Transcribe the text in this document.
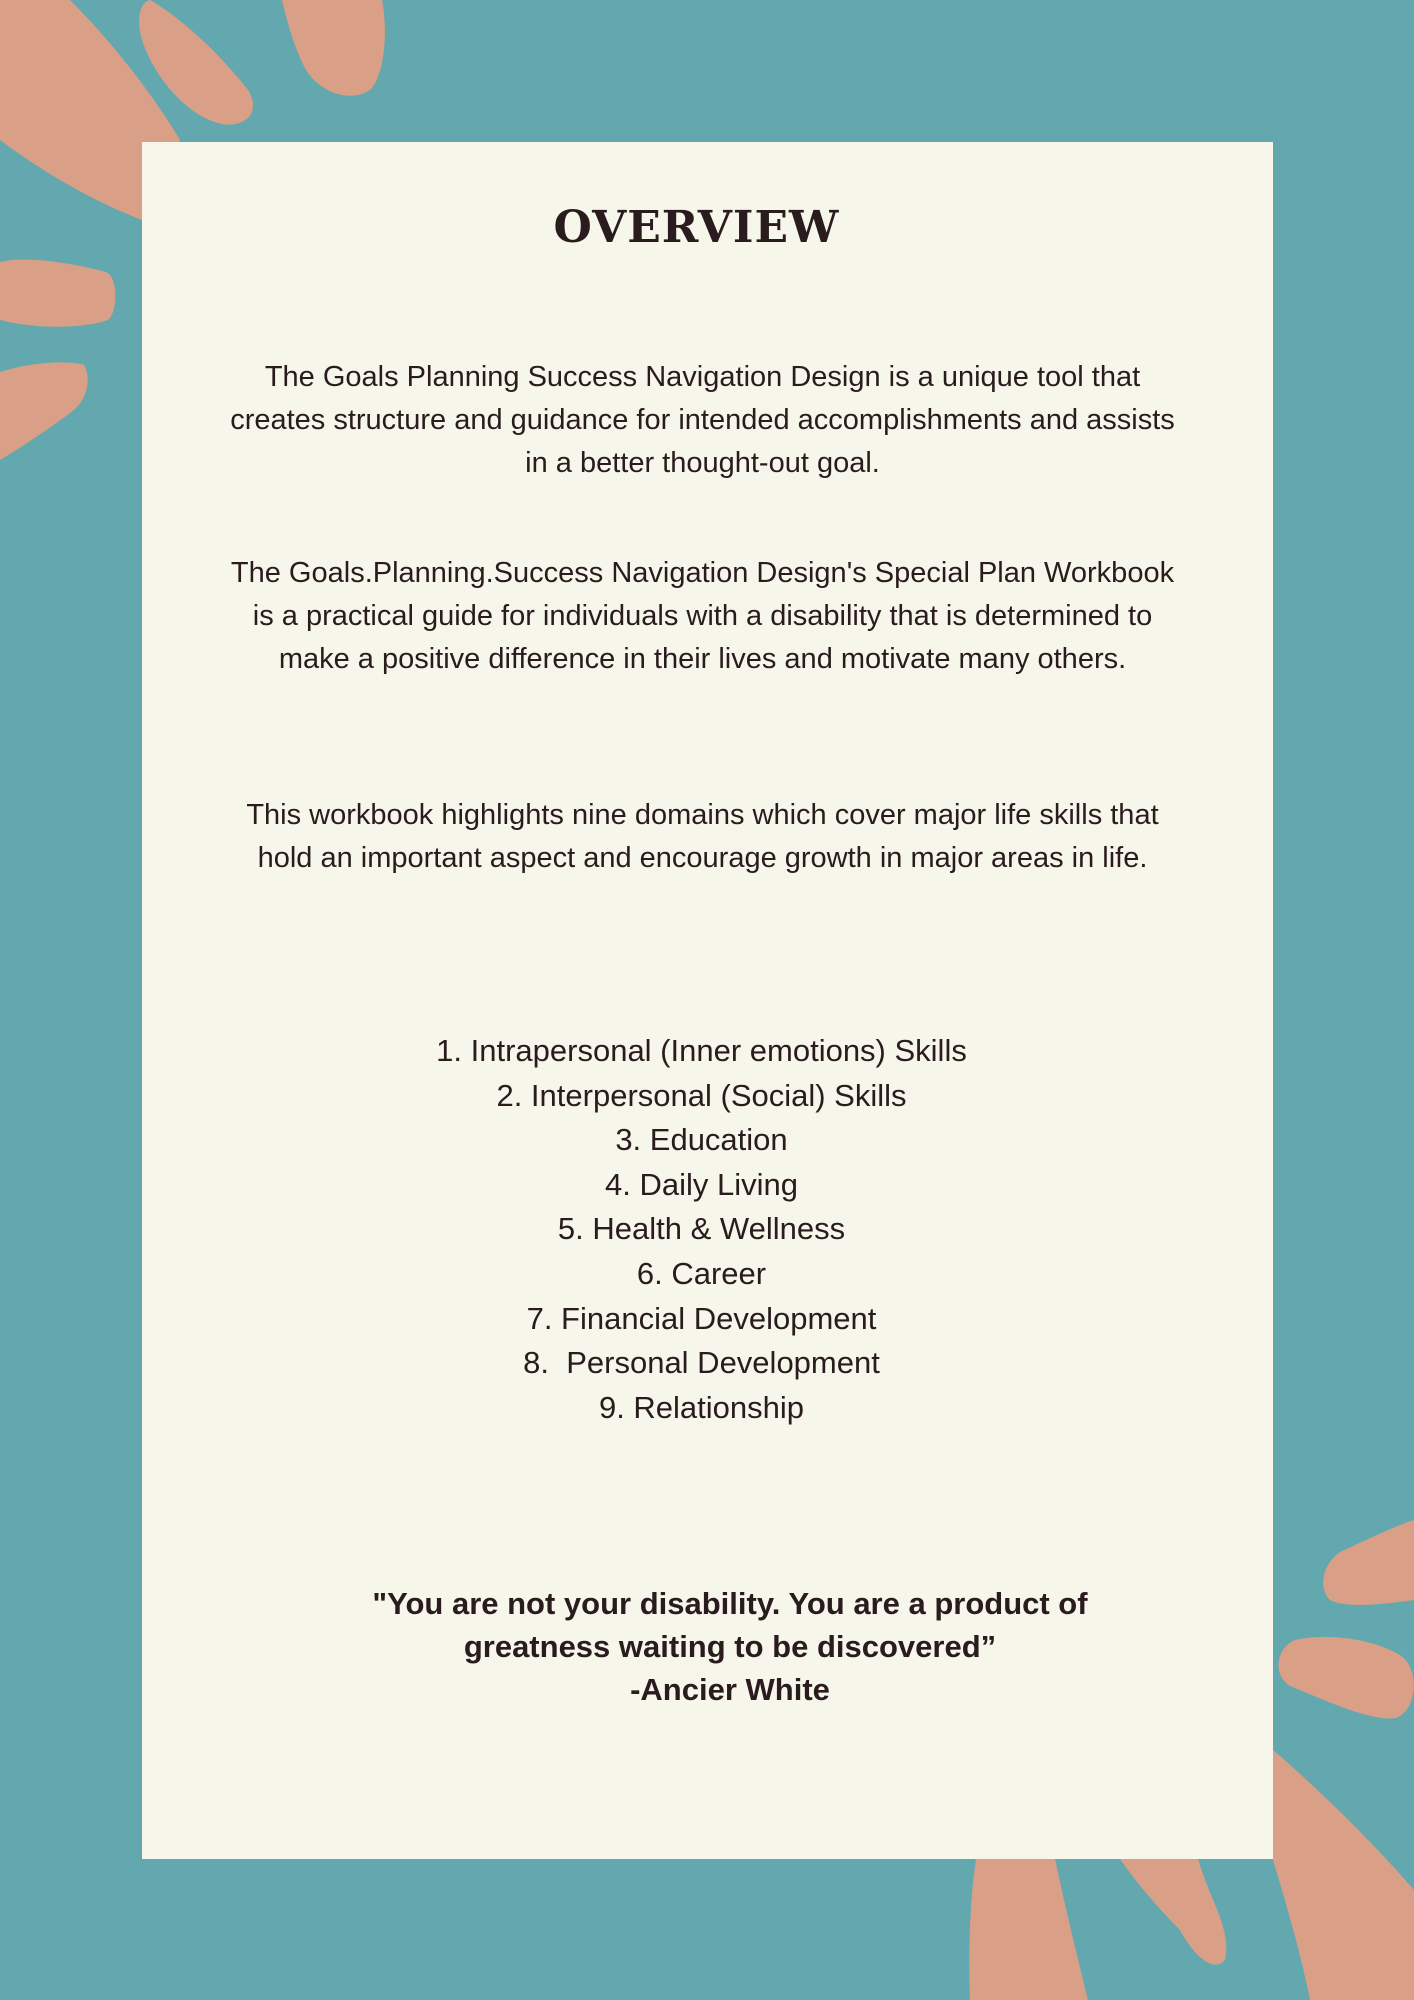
OVERVIEW

The Goals Planning Success Navigation Design is a unique tool that creates structure and guidance for intended accomplishments and assists in a better thought-out goal.

The Goals.Planning.Success Navigation Design's Special Plan Workbook is a practical guide for individuals with a disability that is determined to make a positive difference in their lives and motivate many others.

This workbook highlights nine domains which cover major life skills that hold an important aspect and encourage growth in major areas in life.

1. Intrapersonal (Inner emotions) Skills
2. Interpersonal (Social) Skills
3. Education
4. Daily Living
5. Health & Wellness
6. Career
7. Financial Development
8.  Personal Development
9. Relationship
"You are not your disability. You are a product of
greatness waiting to be discovered”
-Ancier White
